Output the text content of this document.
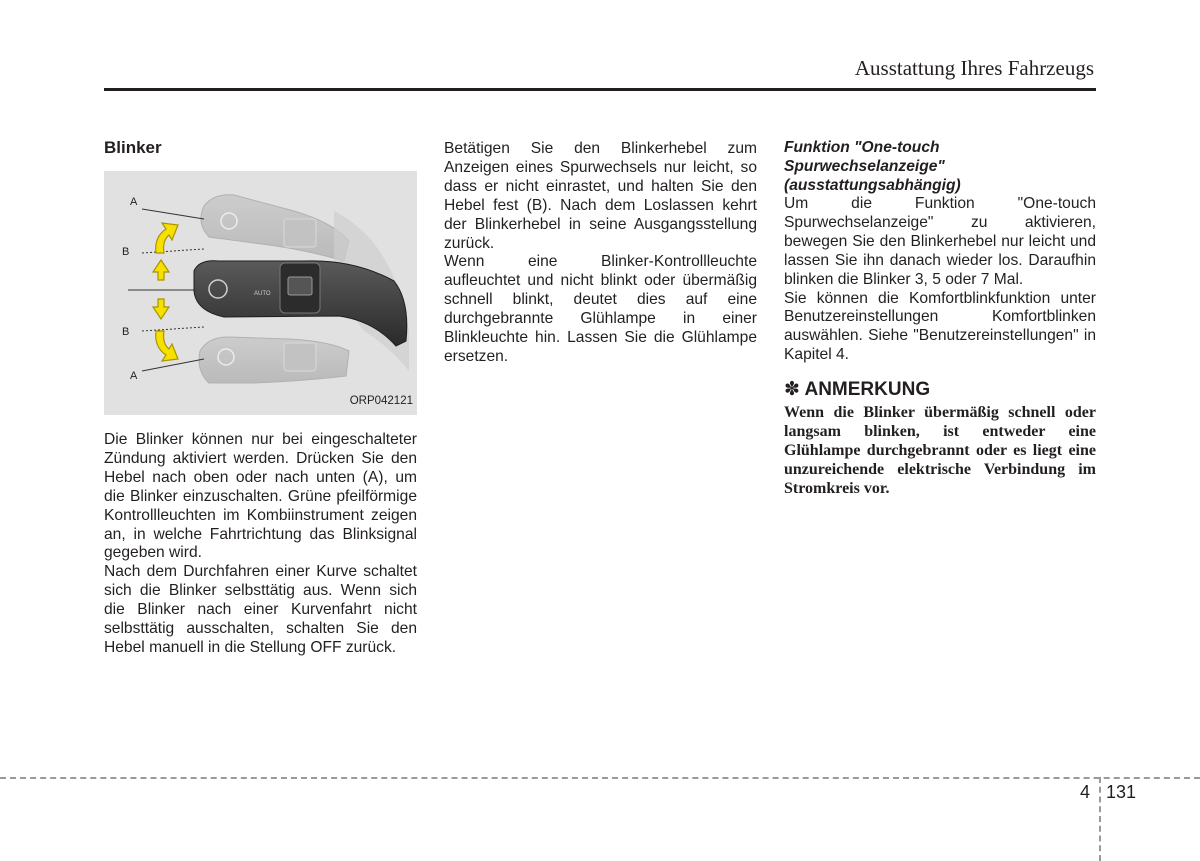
Ausstattung Ihres Fahrzeugs

Blinker

AUTO
A
B
B
A
ORP042121

Die Blinker können nur bei eingeschalteter Zündung aktiviert werden. Drücken Sie den Hebel nach oben oder nach unten (A), um die Blinker einzuschalten. Grüne pfeilförmige Kontrollleuchten im Kombiinstrument zeigen an, in welche Fahrtrichtung das Blinksignal gegeben wird.

Nach dem Durchfahren einer Kurve schaltet sich die Blinker selbsttätig aus. Wenn sich die Blinker nach einer Kurvenfahrt nicht selbsttätig ausschalten, schalten Sie den Hebel manuell in die Stellung OFF zurück.

Betätigen Sie den Blinkerhebel zum Anzeigen eines Spurwechsels nur leicht, so dass er nicht einrastet, und halten Sie den Hebel fest (B). Nach dem Loslassen kehrt der Blinkerhebel in seine Ausgangsstellung zurück.

Wenn eine Blinker-Kontrollleuchte aufleuchtet und nicht blinkt oder übermäßig schnell blinkt, deutet dies auf eine durchgebrannte Glühlampe in einer Blinkleuchte hin. Lassen Sie die Glühlampe ersetzen.

Funktion "One-touch Spurwechselanzeige" (ausstattungsabhängig)

Um die Funktion "One-touch Spurwechselanzeige" zu aktivieren, bewegen Sie den Blinkerhebel nur leicht und lassen Sie ihn danach wieder los. Daraufhin blinken die Blinker 3, 5 oder 7 Mal.

Sie können die Komfortblinkfunktion unter Benutzereinstellungen Komfortblinken auswählen. Siehe "Benutzereinstellungen" in Kapitel 4.

✽ ANMERKUNG

Wenn die Blinker übermäßig schnell oder langsam blinken, ist entweder eine Glühlampe durchgebrannt oder es liegt eine unzureichende elektrische Verbindung im Stromkreis vor.

4 131
